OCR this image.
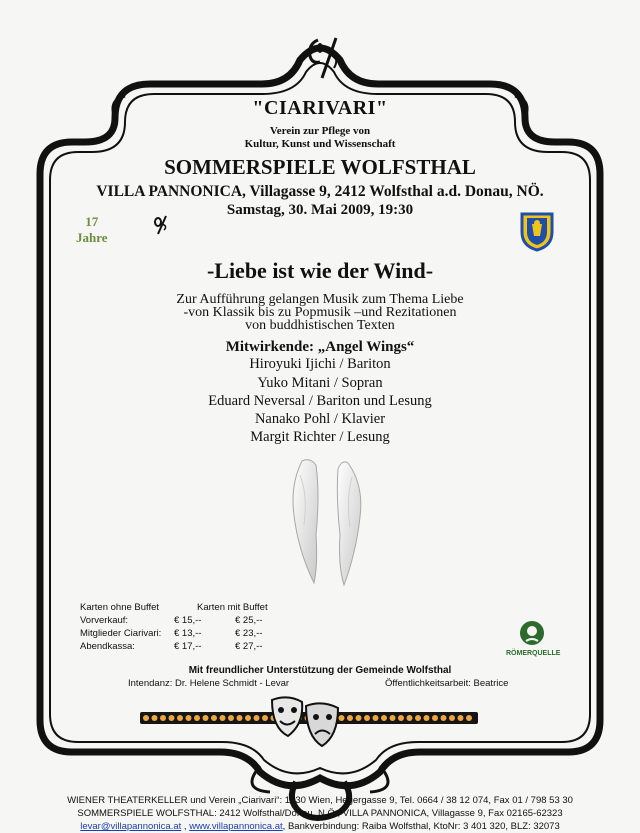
"CIARIVARI"
Verein zur Pflege von
Kultur, Kunst und Wissenschaft
SOMMERSPIELE WOLFSTHAL
VILLA PANNONICA, Villagasse 9, 2412 Wolfsthal a.d. Donau, NÖ.
Samstag, 30. Mai 2009, 19:30
17
Jahre
-Liebe ist wie der Wind-
Zur Aufführung gelangen Musik zum Thema Liebe
-von Klassik bis zu Popmusik –und Rezitationen
von buddhistischen Texten
Mitwirkende: „Angel Wings“
Hiroyuki Ijichi / Bariton
Yuko Mitani / Sopran
Eduard Neversal / Bariton und Lesung
Nanako Pohl / Klavier
Margit Richter / Lesung
Karten ohne Buffet	Karten mit Buffet
Vorverkauf:	€ 15,--	€ 25,--
Mitglieder Ciarivari: € 13,--	€ 23,--
Abendkassa:	€ 17,--	€ 27,--
RÖMERQUELLE
Mit freundlicher Unterstützung der Gemeinde Wolfsthal
Intendanz: Dr. Helene Schmidt - Levar	Öffentlichkeitsarbeit: Beatrice
WIENER THEATERKELLER und Verein „Ciarivari“: 1030 Wien, Hegergasse 9, Tel. 0664 / 38 12 074, Fax 01 / 798 53 30
SOMMERSPIELE WOLFSTHAL: 2412 Wolfsthal/Donau, N.Ö., VILLA PANNONICA, Villagasse 9, Fax 02165-62323
levar@villapannonica.at , www.villapannonica.at, Bankverbindung: Raiba Wolfsthal, KtoNr: 3 401 320, BLZ: 32073
